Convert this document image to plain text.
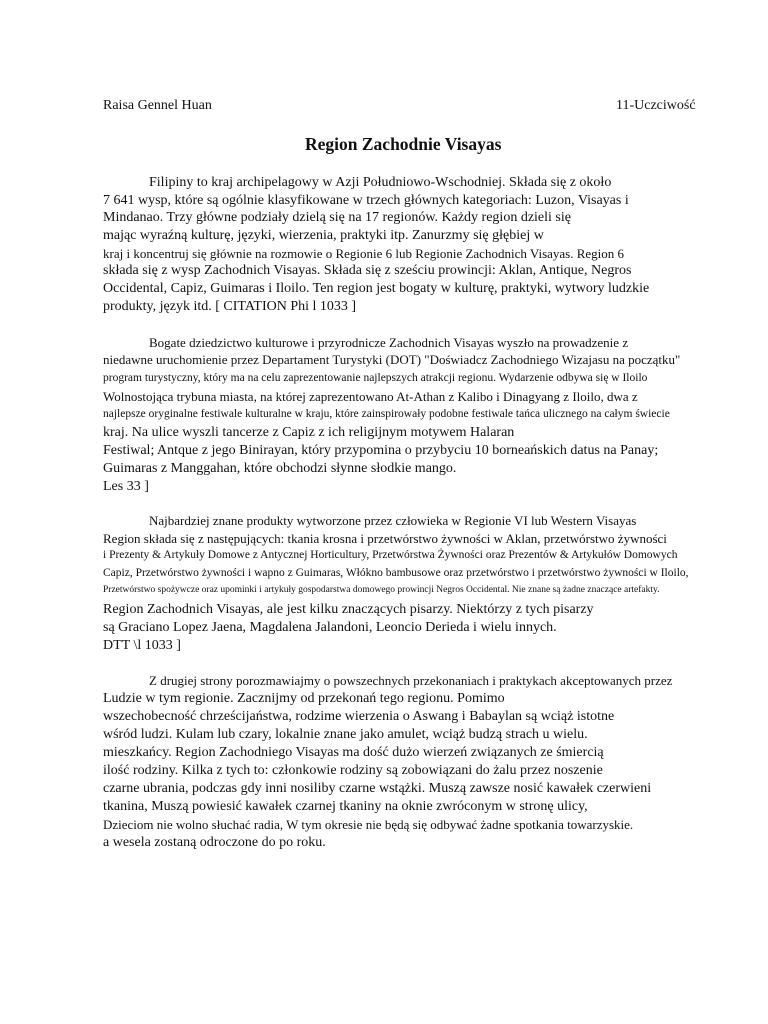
Raisa Gennel Huan	11-Uczciwość
Region Zachodnie Visayas
Filipiny to kraj archipelagowy w Azji Południowo-Wschodniej. Składa się z około
7 641 wysp, które są ogólnie klasyfikowane w trzech głównych kategoriach: Luzon, Visayas i
Mindanao. Trzy główne podziały dzielą się na 17 regionów. Każdy region dzieli się
mając wyraźną kulturę, języki, wierzenia, praktyki itp. Zanurzmy się głębiej w
kraj i koncentruj się głównie na rozmowie o Regionie 6 lub Regionie Zachodnich Visayas. Region 6
składa się z wysp Zachodnich Visayas. Składa się z sześciu prowincji: Aklan, Antique, Negros
Occidental, Capiz, Guimaras i Iloilo. Ten region jest bogaty w kulturę, praktyki, wytwory ludzkie
produkty, język itd. [ CITATION Phi l 1033 ]
Bogate dziedzictwo kulturowe i przyrodnicze Zachodnich Visayas wyszło na prowadzenie z
niedawne uruchomienie przez Departament Turystyki (DOT) "Doświadcz Zachodniego Wizajasu na początku"
program turystyczny, który ma na celu zaprezentowanie najlepszych atrakcji regionu. Wydarzenie odbywa się w Iloilo
Wolnostojąca trybuna miasta, na której zaprezentowano At-Athan z Kalibo i Dinagyang z Iloilo, dwa z
najlepsze oryginalne festiwale kulturalne w kraju, które zainspirowały podobne festiwale tańca ulicznego na całym świecie
kraj. Na ulice wyszli tancerze z Capiz z ich religijnym motywem Halaran
Festiwal; Antque z jego Binirayan, który przypomina o przybyciu 10 borneańskich datus na Panay;
Guimaras z Manggahan, które obchodzi słynne słodkie mango.
Les 33 ]
Najbardziej znane produkty wytworzone przez człowieka w Regionie VI lub Western Visayas
Region składa się z następujących: tkania krosna i przetwórstwo żywności w Aklan, przetwórstwo żywności
i Prezenty & Artykuły Domowe z Antycznej Horticultury, Przetwórstwa Żywności oraz Prezentów & Artykułów Domowych
Capiz, Przetwórstwo żywności i wapno z Guimaras, Włókno bambusowe oraz przetwórstwo i przetwórstwo żywności w Iloilo,
Przetwórstwo spożywcze oraz upominki i artykuły gospodarstwa domowego prowincji Negros Occidental. Nie znane są żadne znaczące artefakty.
Region Zachodnich Visayas, ale jest kilku znaczących pisarzy. Niektórzy z tych pisarzy
są Graciano Lopez Jaena, Magdalena Jalandoni, Leoncio Derieda i wielu innych.
DTT \l 1033 ]
Z drugiej strony porozmawiajmy o powszechnych przekonaniach i praktykach akceptowanych przez
Ludzie w tym regionie. Zacznijmy od przekonań tego regionu. Pomimo
wszechobecność chrześcijaństwa, rodzime wierzenia o Aswang i Babaylan są wciąż istotne
wśród ludzi. Kulam lub czary, lokalnie znane jako amulet, wciąż budzą strach u wielu.
mieszkańcy. Region Zachodniego Visayas ma dość dużo wierzeń związanych ze śmiercią
ilość rodziny. Kilka z tych to: członkowie rodziny są zobowiązani do żalu przez noszenie
czarne ubrania, podczas gdy inni nosiliby czarne wstążki. Muszą zawsze nosić kawałek czerwieni
tkanina, Muszą powiesić kawałek czarnej tkaniny na oknie zwróconym w stronę ulicy,
Dzieciom nie wolno słuchać radia, W tym okresie nie będą się odbywać żadne spotkania towarzyskie.
a wesela zostaną odroczone do po roku.
